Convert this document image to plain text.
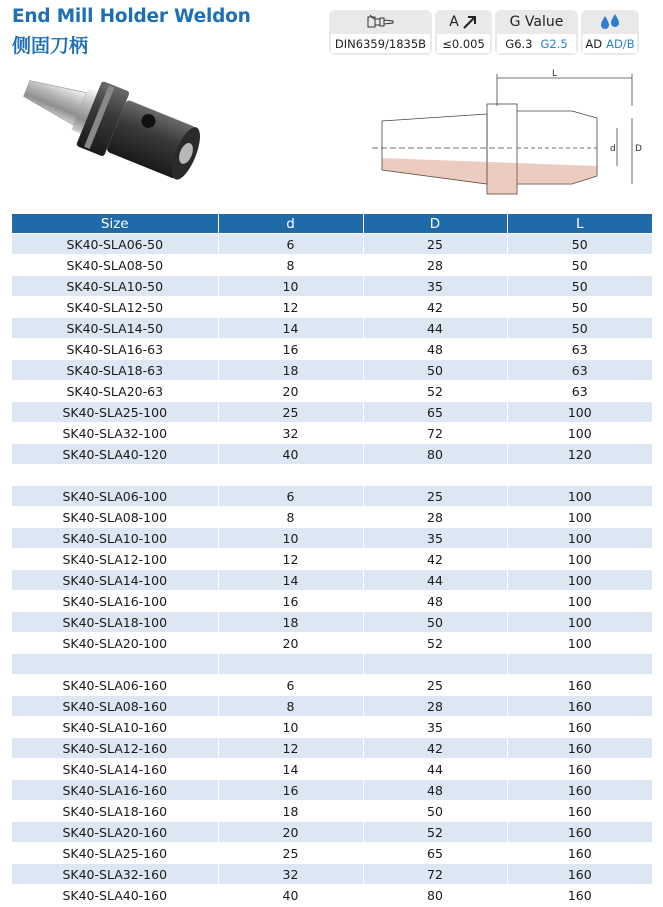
End Mill Holder Weldon
侧固刀柄	DIN6359/1835B
A
≤0.005
G Value
G6.3 G2.5 AD AD/B
L
d D
Size	d	D	L
SK40-SLA06-50	6	25	50
SK40-SLA08-50	8	28	50
SK40-SLA10-50	10	35	50
SK40-SLA12-50	12	42	50
SK40-SLA14-50	14	44	50
SK40-SLA16-63	16	48	63
SK40-SLA18-63	18	50	63
SK40-SLA20-63	20	52	63
SK40-SLA25-100	25	65	100
SK40-SLA32-100	32	72	100
SK40-SLA40-120	40	80	120

SK40-SLA06-100	6	25	100
SK40-SLA08-100	8	28	100
SK40-SLA10-100	10	35	100
SK40-SLA12-100	12	42	100
SK40-SLA14-100	14	44	100
SK40-SLA16-100	16	48	100
SK40-SLA18-100	18	50	100
SK40-SLA20-100	20	52	100

SK40-SLA06-160	6	25	160
SK40-SLA08-160	8	28	160
SK40-SLA10-160	10	35	160
SK40-SLA12-160	12	42	160
SK40-SLA14-160	14	44	160
SK40-SLA16-160	16	48	160
SK40-SLA18-160	18	50	160
SK40-SLA20-160	20	52	160
SK40-SLA25-160	25	65	160
SK40-SLA32-160	32	72	160
SK40-SLA40-160	40	80	160
